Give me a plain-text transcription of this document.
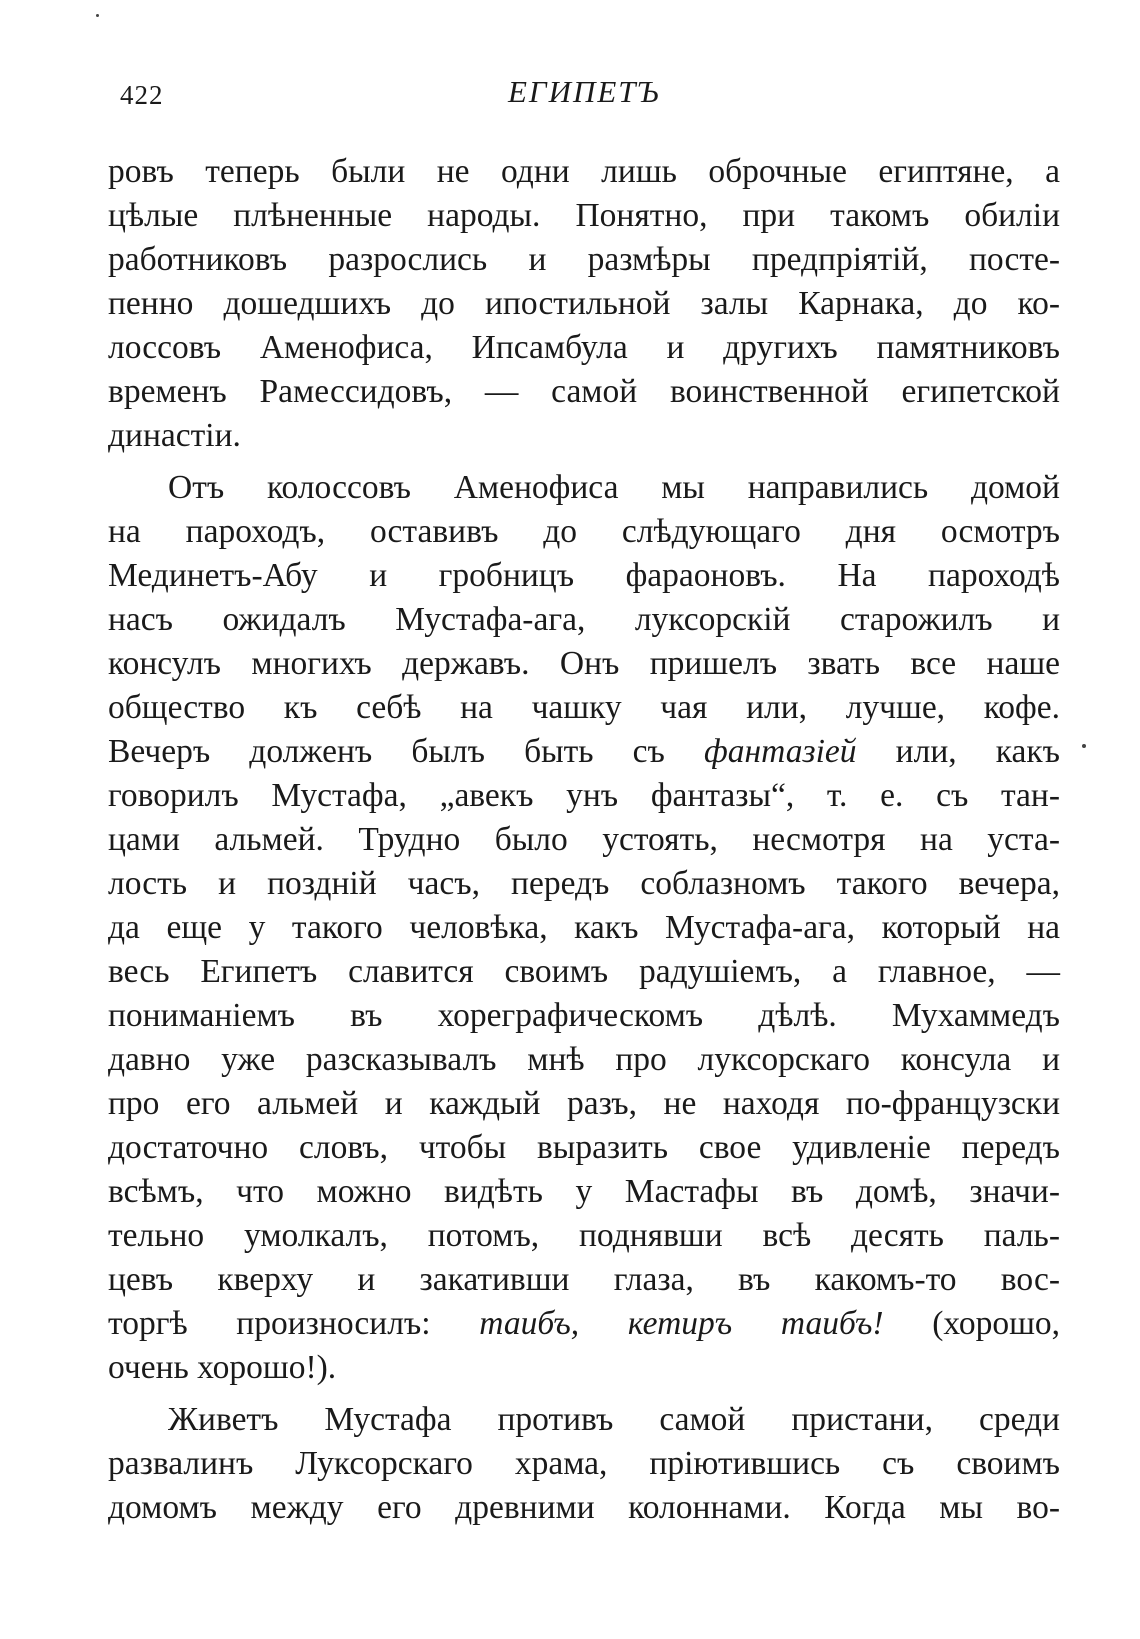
422	ЕГИПЕТЪ

ровъ теперь были не одни лишь оброчные египтяне, а
цѣлые плѣненные народы. Понятно, при такомъ обиліи
работниковъ разрослись и размѣры предпріятій, посте-
пенно дошедшихъ до ипостильной залы Карнака, до ко-
лоссовъ Аменофиса, Ипсамбула и другихъ памятниковъ
временъ Рамессидовъ, — самой воинственной египетской
династіи.

Отъ колоссовъ Аменофиса мы направились домой
на пароходъ, оставивъ до слѣдующаго дня осмотръ
Мединетъ-Абу и гробницъ фараоновъ. На пароходѣ
насъ ожидалъ Мустафа-ага, луксорскій старожилъ и
консулъ многихъ державъ. Онъ пришелъ звать все наше
общество къ себѣ на чашку чая или, лучше, кофе.
Вечеръ долженъ былъ быть съ фантазіей или, какъ
говорилъ Мустафа, „авекъ унъ фантазы“, т. е. съ тан-
цами альмей. Трудно было устоять, несмотря на уста-
лость и поздній часъ, передъ соблазномъ такого вечера,
да еще у такого человѣка, какъ Мустафа-ага, который на
весь Египетъ славится своимъ радушіемъ, а главное, —
пониманіемъ въ хореграфическомъ дѣлѣ. Мухаммедъ
давно уже разсказывалъ мнѣ про луксорскаго консула и
про его альмей и каждый разъ, не находя по-французски
достаточно словъ, чтобы выразить свое удивленіе передъ
всѣмъ, что можно видѣть у Мастафы въ домѣ, значи-
тельно умолкалъ, потомъ, поднявши всѣ десять паль-
цевъ кверху и закативши глаза, въ какомъ-то вос-
торгѣ произносилъ: таибъ, кетиръ таибъ! (хорошо,
очень хорошо!).

Живетъ Мустафа противъ самой пристани, среди
развалинъ Луксорскаго храма, пріютившись съ своимъ
домомъ между его древними колоннами. Когда мы во-
